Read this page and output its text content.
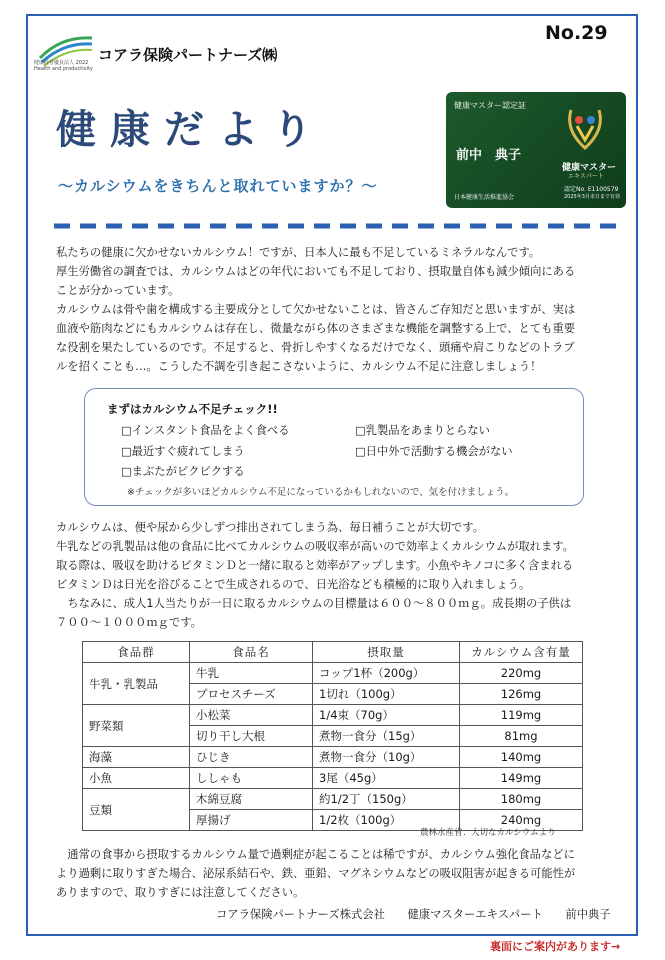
健康経営優良法人 2022 Health and productivity
コアラ保険パートナーズ㈱
No.29
健康だより
～カルシウムをきちんと取れていますか？～
健康マスター認定証
前中　典子
健康マスター
エキスパート
認定No. E1100579
2025年3月末日まで有効
日本健康生活推進協会

私たちの健康に欠かせないカルシウム！ですが、日本人に最も不足しているミネラルなんです。

厚生労働省の調査では、カルシウムはどの年代においても不足しており、摂取量自体も減少傾向にある

ことが分かっています。

カルシウムは骨や歯を構成する主要成分として欠かせないことは、皆さんご存知だと思いますが、実は

血液や筋肉などにもカルシウムは存在し、微量ながら体のさまざまな機能を調整する上で、とても重要

な役割を果たしているのです。不足すると、骨折しやすくなるだけでなく、頭痛や肩こりなどのトラブ

ルを招くことも…。こうした不調を引き起こさないように、カルシウム不足に注意しましょう！

まずはカルシウム不足チェック!!
□インスタント食品をよく食べる	□乳製品をあまりとらない
□最近すぐ疲れてしまう	□日中外で活動する機会がない
□まぶたがピクピクする
※チェックが多いほどカルシウム不足になっているかもしれないので、気を付けましょう。

カルシウムは、便や尿から少しずつ排出されてしまう為、毎日補うことが大切です。

牛乳などの乳製品は他の食品に比べてカルシウムの吸収率が高いので効率よくカルシウムが取れます。

取る際は、吸収を助けるビタミンＤと一緒に取ると効率がアップします。小魚やキノコに多く含まれる

ビタミンＤは日光を浴びることで生成されるので、日光浴なども積極的に取り入れましょう。

　ちなみに、成人1人当たりが一日に取るカルシウムの目標量は６００～８００ｍｇ。成長期の子供は

７００～１０００ｍｇです。

食品群	食品名	摂取量	カルシウム含有量
牛乳・乳製品	牛乳	コップ1杯（200g）	220mg
	プロセスチーズ	1切れ（100g）	126mg
野菜類	小松菜	1/4束（70g）	119mg
	切り干し大根	煮物一食分（15g）	81mg
海藻	ひじき	煮物一食分（10g）	140mg
小魚	ししゃも	3尾（45g）	149mg
豆類	木綿豆腐	約1/2丁（150g）	180mg
	厚揚げ	1/2枚（100g）	240mg
農林水産省：大切なカルシウムより

　通常の食事から摂取するカルシウム量で過剰症が起こることは稀ですが、カルシウム強化食品などに

より過剰に取りすぎた場合、泌尿系結石や、鉄、亜鉛、マグネシウムなどの吸収阻害が起きる可能性が

ありますので、取りすぎには注意してください。

コアラ保険パートナーズ株式会社　　健康マスターエキスパート　　前中典子
裏面にご案内があります→
